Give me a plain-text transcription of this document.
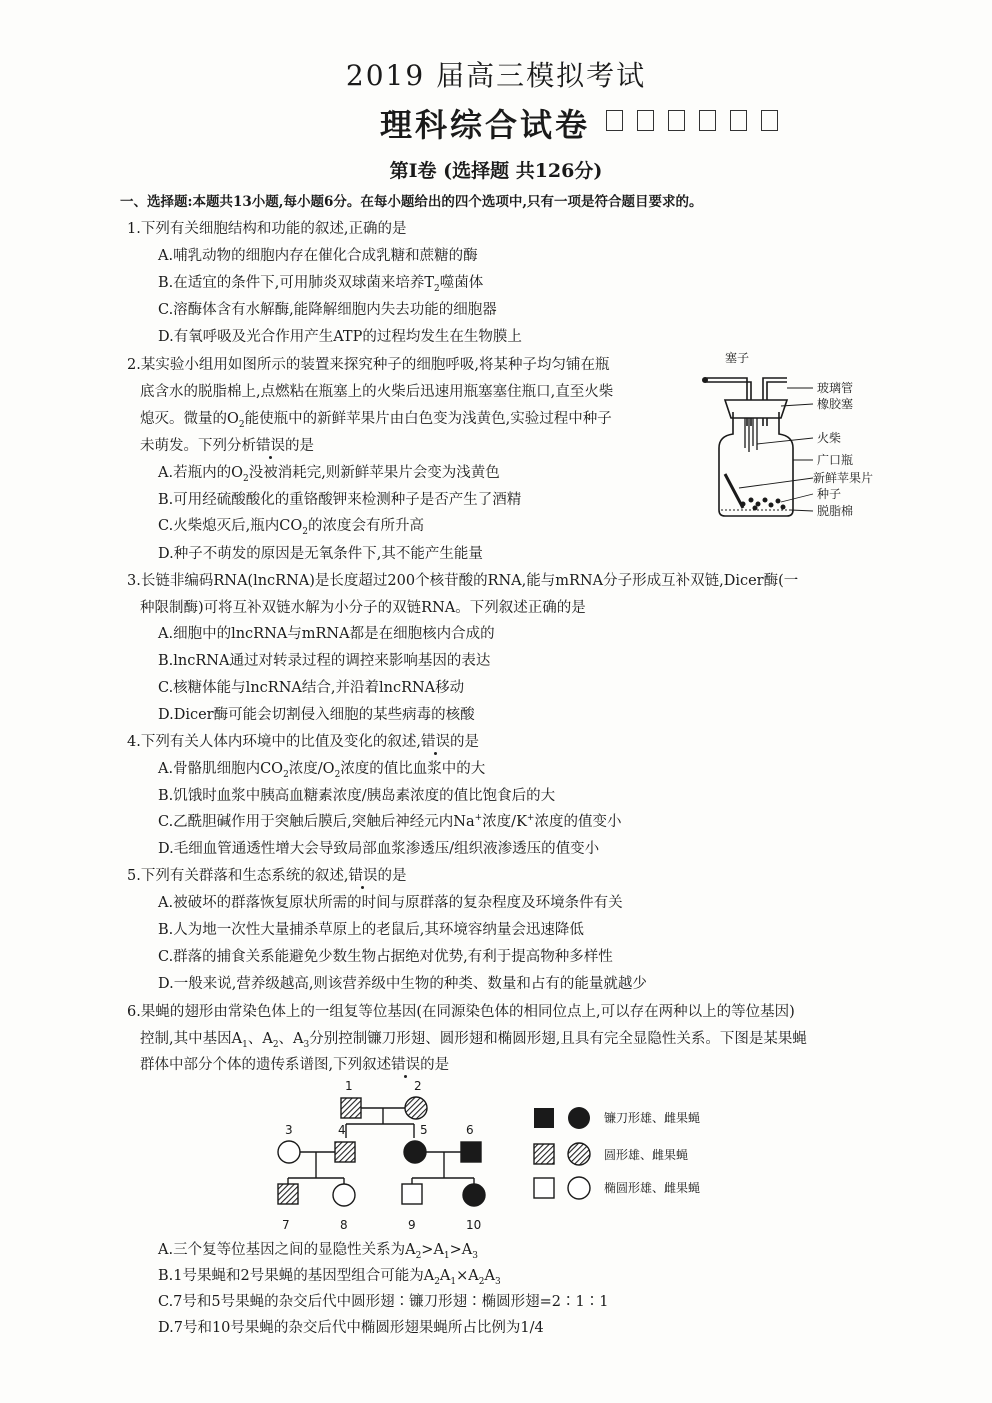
2019 届高三模拟考试
理科综合试卷
第Ⅰ卷 (选择题 共126分)
一、选择题:本题共13小题,每小题6分。在每小题给出的四个选项中,只有一项是符合题目要求的。
1.下列有关细胞结构和功能的叙述,正确的是
A.哺乳动物的细胞内存在催化合成乳糖和蔗糖的酶
B.在适宜的条件下,可用肺炎双球菌来培养$T_2$噬菌体
C.溶酶体含有水解酶,能降解细胞内失去功能的细胞器
D.有氧呼吸及光合作用产生ATP的过程均发生在生物膜上
2.某实验小组用如图所示的装置来探究种子的细胞呼吸,将某种子均匀铺在瓶
底含水的脱脂棉上,点燃粘在瓶塞上的火柴后迅速用瓶塞塞住瓶口,直至火柴
熄灭。微量的$O_2$能使瓶中的新鲜苹果片由白色变为浅黄色,实验过程中种子
未萌发。下列分析错误的是
A.若瓶内的$O_2$没被消耗完,则新鲜苹果片会变为浅黄色
B.可用经硫酸酸化的重铬酸钾来检测种子是否产生了酒精
C.火柴熄灭后,瓶内$CO_2$的浓度会有所升高
D.种子不萌发的原因是无氧条件下,其不能产生能量
塞子
玻璃管
橡胶塞
火柴
广口瓶
新鲜苹果片
种子
脱脂棉
3.长链非编码RNA(lncRNA)是长度超过200个核苷酸的RNA,能与mRNA分子形成互补双链,Dicer酶(一
种限制酶)可将互补双链水解为小分子的双链RNA。下列叙述正确的是
A.细胞中的lncRNA与mRNA都是在细胞核内合成的
B.lncRNA通过对转录过程的调控来影响基因的表达
C.核糖体能与lncRNA结合,并沿着lncRNA移动
D.Dicer酶可能会切割侵入细胞的某些病毒的核酸
4.下列有关人体内环境中的比值及变化的叙述,错误的是
A.骨骼肌细胞内$CO_2$浓度$/O_2$浓度的值比血浆中的大
B.饥饿时血浆中胰高血糖素浓度/胰岛素浓度的值比饱食后的大
C.乙酰胆碱作用于突触后膜后,突触后神经元内Na+浓度/K+浓度的值变小
D.毛细血管通透性增大会导致局部血浆渗透压/组织液渗透压的值变小
5.下列有关群落和生态系统的叙述,错误的是
A.被破坏的群落恢复原状所需的时间与原群落的复杂程度及环境条件有关
B.人为地一次性大量捕杀草原上的老鼠后,其环境容纳量会迅速降低
C.群落的捕食关系能避免少数生物占据绝对优势,有利于提高物种多样性
D.一般来说,营养级越高,则该营养级中生物的种类、数量和占有的能量就越少
6.果蝇的翅形由常染色体上的一组复等位基因(在同源染色体的相同位点上,可以存在两种以上的等位基因)
控制,其中基因$A_1$、$A_2$、$A_3$分别控制镰刀形翅、圆形翅和椭圆形翅,且具有完全显隐性关系。下图是某果蝇
群体中部分个体的遗传系谱图,下列叙述错误的是
1	2
3	4	5	6
7	8	9	10
镰刀形雄、雌果蝇
圆形雄、雌果蝇
椭圆形雄、雌果蝇
A.三个复等位基因之间的显隐性关系为$A_2>A_1>A_3$
B.1号果蝇和2号果蝇的基因型组合可能为$A_2A_1\times A_2A_3$
C.7号和5号果蝇的杂交后代中圆形翅∶镰刀形翅∶椭圆形翅=2∶1∶1
D.7号和10号果蝇的杂交后代中椭圆形翅果蝇所占比例为1/4
